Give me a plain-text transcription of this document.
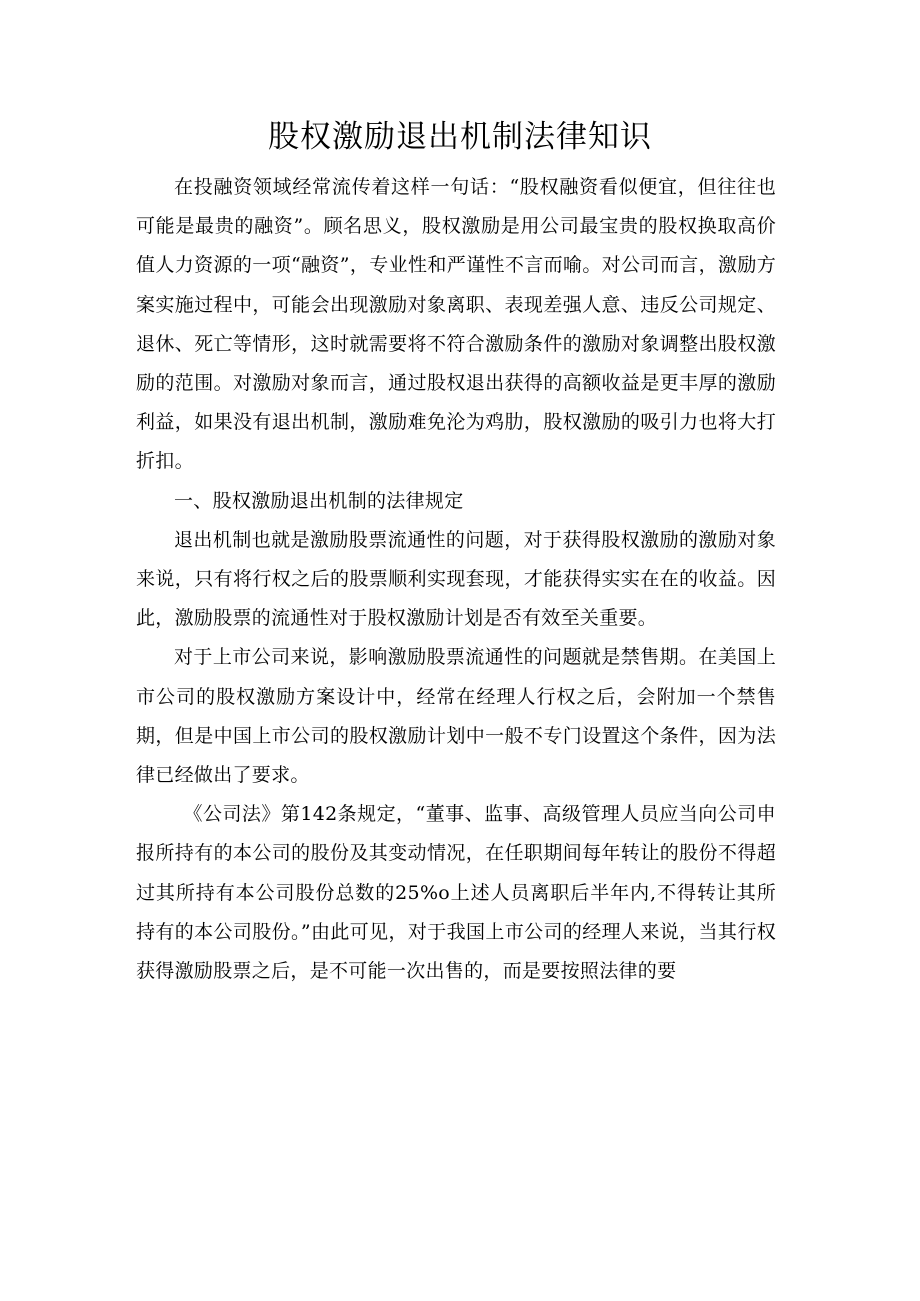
股权激励退出机制法律知识

在投融资领域经常流传着这样一句话：“股权融资看似便宜，但往往也可能是最贵的融资”。顾名思义，股权激励是用公司最宝贵的股权换取高价值人力资源的一项“融资”，专业性和严谨性不言而喻。对公司而言，激励方案实施过程中，可能会出现激励对象离职、表现差强人意、违反公司规定、退休、死亡等情形，这时就需要将不符合激励条件的激励对象调整出股权激励的范围。对激励对象而言，通过股权退出获得的高额收益是更丰厚的激励利益，如果没有退出机制，激励难免沦为鸡肋，股权激励的吸引力也将大打折扣。

一、股权激励退出机制的法律规定

退出机制也就是激励股票流通性的问题，对于获得股权激励的激励对象来说，只有将行权之后的股票顺利实现套现，才能获得实实在在的收益。因此，激励股票的流通性对于股权激励计划是否有效至关重要。

对于上市公司来说，影响激励股票流通性的问题就是禁售期。在美国上市公司的股权激励方案设计中，经常在经理人行权之后，会附加一个禁售期，但是中国上市公司的股权激励计划中一般不专门设置这个条件，因为法律已经做出了要求。

《公司法》第142条规定，“董事、监事、高级管理人员应当向公司申报所持有的本公司的股份及其变动情况，在任职期间每年转让的股份不得超过其所持有本公司股份总数的25%o上述人员离职后半年内,不得转让其所持有的本公司股份。”由此可见，对于我国上市公司的经理人来说，当其行权获得激励股票之后，是不可能一次出售的，而是要按照法律的要
